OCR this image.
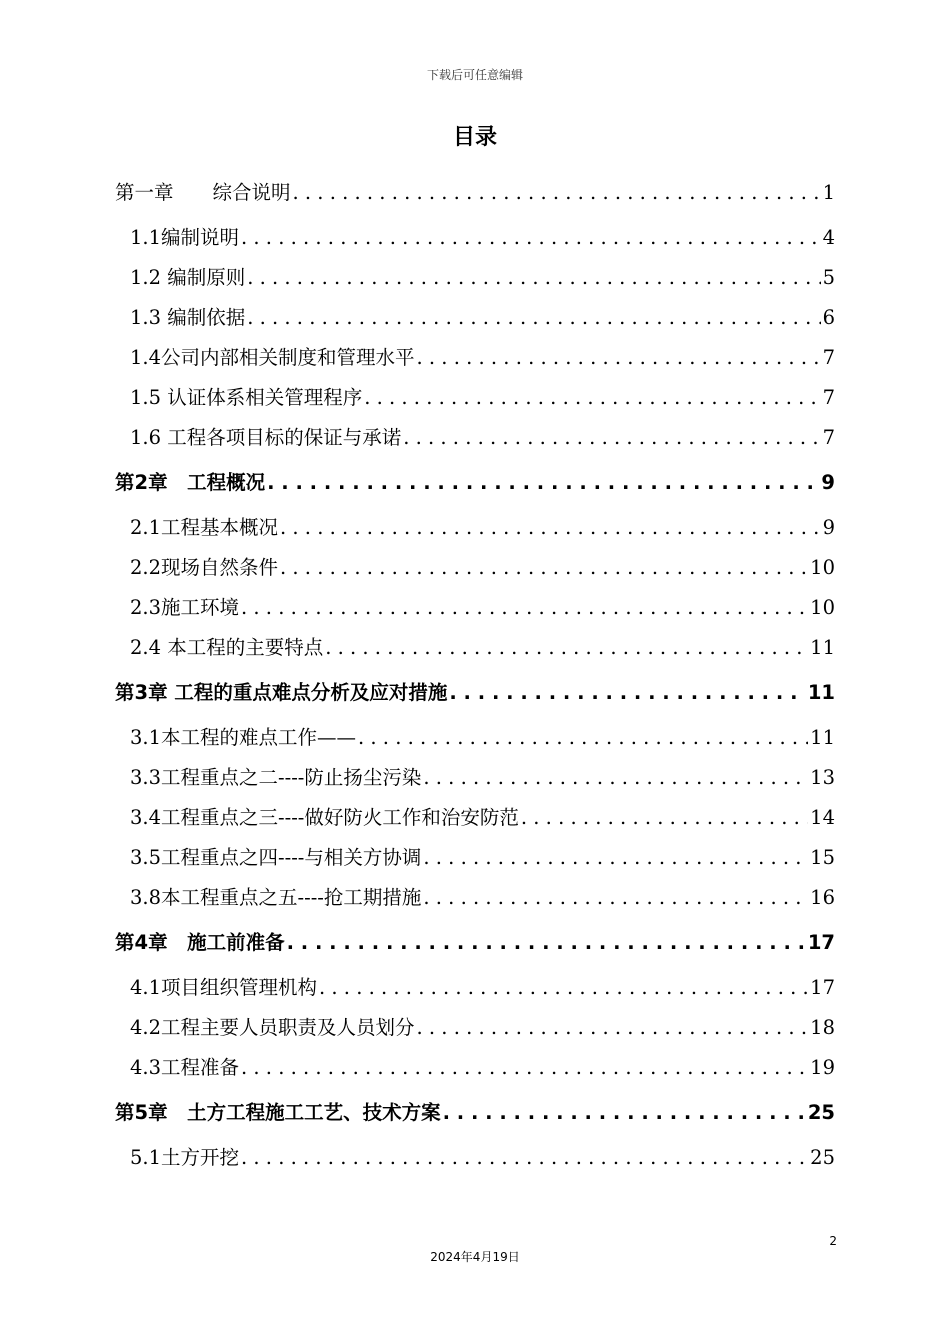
下载后可任意编辑
目录
第一章　　综合说明 . . .	1
1.1编制说明 . . .	4
1.2 编制原则 . . .	5
1.3 编制依据 . . .	6
1.4公司内部相关制度和管理水平 . . .	7
1.5 认证体系相关管理程序 . . .	7
1.6 工程各项目标的保证与承诺 . . .	7
第2章　工程概况 . . .	9
2.1工程基本概况 . . .	9
2.2现场自然条件 . . .	10
2.3施工环境 . . .	10
2.4 本工程的主要特点 . . .	11
第3章 工程的重点难点分析及应对措施 . . .	11
3.1本工程的难点工作—— . . .	11
3.3工程重点之二----防止扬尘污染 . . .	13
3.4工程重点之三----做好防火工作和治安防范 . . .	14
3.5工程重点之四----与相关方协调 . . .	15
3.8本工程重点之五----抢工期措施 . . .	16
第4章　施工前准备 . . .	17
4.1项目组织管理机构 . . .	17
4.2工程主要人员职责及人员划分 . . .	18
4.3工程准备 . . .	19
第5章　土方工程施工工艺、技术方案 . . .	25
5.1土方开挖 . . .	25
2
2024年4月19日
